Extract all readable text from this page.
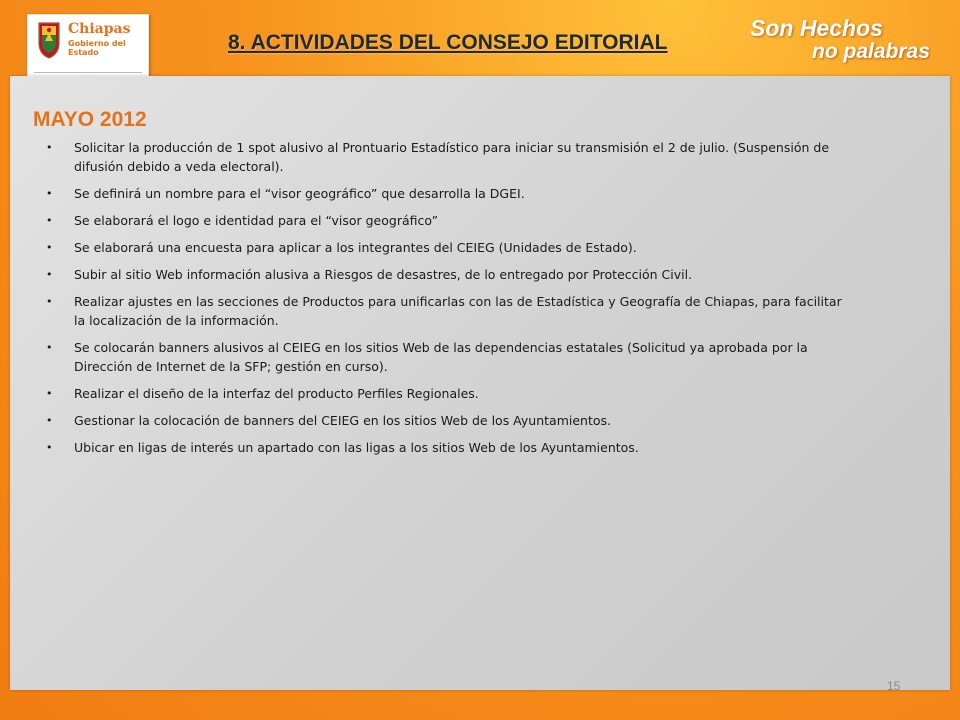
Chiapas
Gobierno del Estado	8. ACTIVIDADES DEL CONSEJO EDITORIAL
Son Hechos
no palabras
MAYO 2012
• Solicitar la producción de 1 spot alusivo al Prontuario Estadístico para iniciar su transmisión el 2 de julio. (Suspensión de difusión debido a veda electoral).
• Se definirá un nombre para el “visor geográfico” que desarrolla la DGEI.
• Se elaborará el logo e identidad para el “visor geográfico”
• Se elaborará una encuesta para aplicar a los integrantes del CEIEG (Unidades de Estado).
• Subir al sitio Web información alusiva a Riesgos de desastres, de lo entregado por Protección Civil.
• Realizar ajustes en las secciones de Productos para unificarlas con las de Estadística y Geografía de Chiapas, para facilitar la localización de la información.
• Se colocarán banners alusivos al CEIEG en los sitios Web de las dependencias estatales (Solicitud ya aprobada por la Dirección de Internet de la SFP; gestión en curso).
• Realizar el diseño de la interfaz del producto Perfiles Regionales.
• Gestionar la colocación de banners del CEIEG en los sitios Web de los Ayuntamientos.
• Ubicar en ligas de interés un apartado con las ligas a los sitios Web de los Ayuntamientos.
15
